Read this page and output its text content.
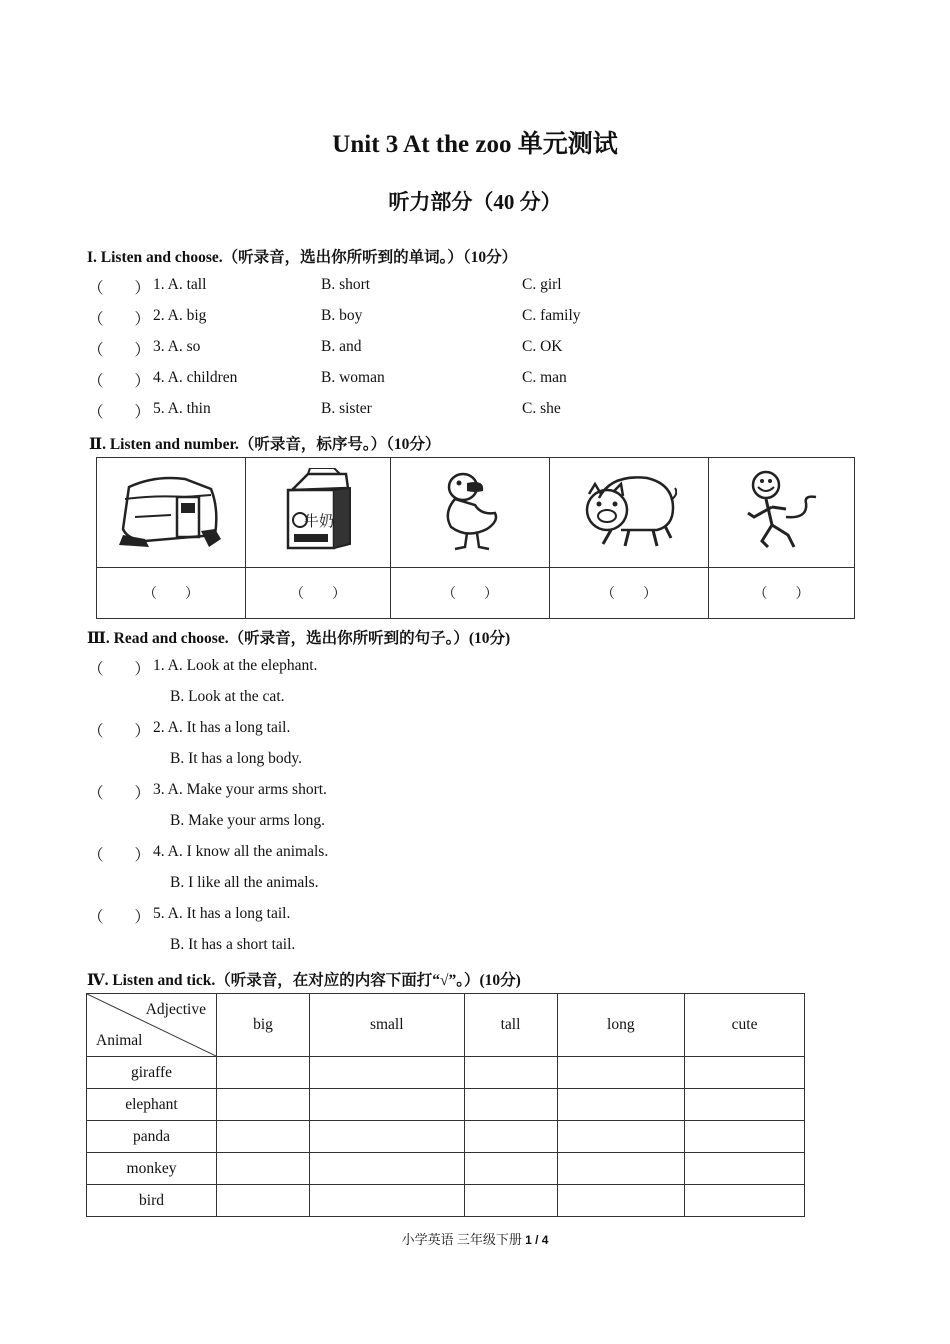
Unit 3 At the zoo 单元测试
听力部分（40 分）
I. Listen and choose.（听录音，选出你所听到的单词。）（10分）
（　　） 1. A. tall	B. short	C. girl
（　　） 2. A. big	B. boy	C. family
（　　） 3. A. so	B. and	C. OK
（　　） 4. A. children	B. woman	C. man
（　　） 5. A. thin	B. sister	C. she
Ⅱ. Listen and number.（听录音，标序号。）（10分）

牛奶

（　　）	（　　）	（　　）	（　　）	（　　）
Ⅲ. Read and choose.（听录音，选出你所听到的句子。）(10分)
（　　） 1. A. Look at the elephant.
B. Look at the cat.
（　　） 2. A. It has a long tail.
B. It has a long body.
（　　） 3. A. Make your arms short.
B. Make your arms long.
（　　） 4. A. I know all the animals.
B. I like all the animals.
（　　） 5. A. It has a long tail.
B. It has a short tail.
Ⅳ. Listen and tick.（听录音，在对应的内容下面打“√”。）(10分)
Adjective
Animal	big	small	tall	long	cute
giraffe					
elephant					
panda					
monkey					
bird					
小学英语 三年级下册 1 / 4
